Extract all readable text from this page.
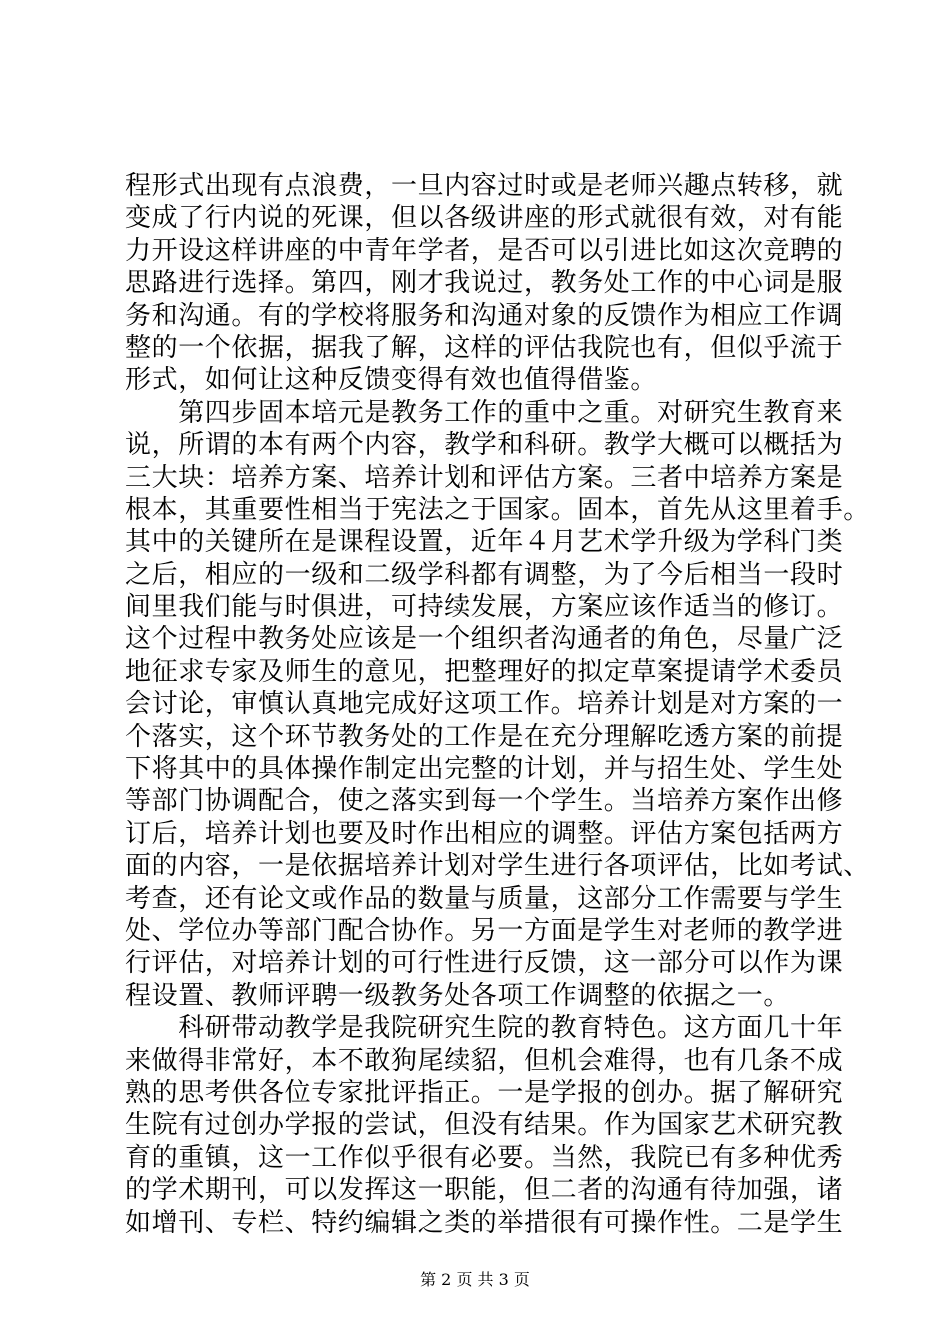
程形式出现有点浪费，一旦内容过时或是老师兴趣点转移，就
变成了行内说的死课，但以各级讲座的形式就很有效，对有能
力开设这样讲座的中青年学者，是否可以引进比如这次竞聘的
思路进行选择。第四，刚才我说过，教务处工作的中心词是服
务和沟通。有的学校将服务和沟通对象的反馈作为相应工作调
整的一个依据，据我了解，这样的评估我院也有，但似乎流于
形式，如何让这种反馈变得有效也值得借鉴。
　　第四步固本培元是教务工作的重中之重。对研究生教育来
说，所谓的本有两个内容，教学和科研。教学大概可以概括为
三大块：培养方案、培养计划和评估方案。三者中培养方案是
根本，其重要性相当于宪法之于国家。固本，首先从这里着手。
其中的关键所在是课程设置，近年４月艺术学升级为学科门类
之后，相应的一级和二级学科都有调整，为了今后相当一段时
间里我们能与时俱进，可持续发展，方案应该作适当的修订。
这个过程中教务处应该是一个组织者沟通者的角色，尽量广泛
地征求专家及师生的意见，把整理好的拟定草案提请学术委员
会讨论，审慎认真地完成好这项工作。培养计划是对方案的一
个落实，这个环节教务处的工作是在充分理解吃透方案的前提
下将其中的具体操作制定出完整的计划，并与招生处、学生处
等部门协调配合，使之落实到每一个学生。当培养方案作出修
订后，培养计划也要及时作出相应的调整。评估方案包括两方
面的内容，一是依据培养计划对学生进行各项评估，比如考试、
考查，还有论文或作品的数量与质量，这部分工作需要与学生
处、学位办等部门配合协作。另一方面是学生对老师的教学进
行评估，对培养计划的可行性进行反馈，这一部分可以作为课
程设置、教师评聘一级教务处各项工作调整的依据之一。
　　科研带动教学是我院研究生院的教育特色。这方面几十年
来做得非常好，本不敢狗尾续貂，但机会难得，也有几条不成
熟的思考供各位专家批评指正。一是学报的创办。据了解研究
生院有过创办学报的尝试，但没有结果。作为国家艺术研究教
育的重镇，这一工作似乎很有必要。当然，我院已有多种优秀
的学术期刊，可以发挥这一职能，但二者的沟通有待加强，诸
如增刊、专栏、特约编辑之类的举措很有可操作性。二是学生
第 2 页 共 3 页
